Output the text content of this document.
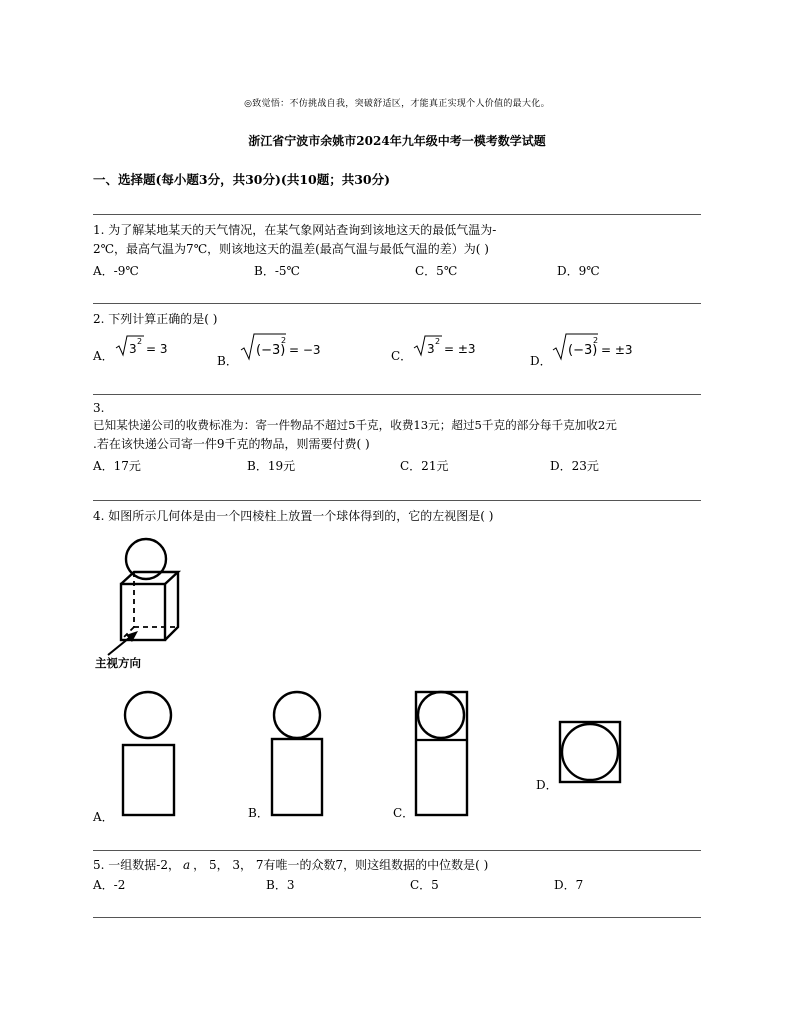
◎致觉悟：不仿挑战自我，突破舒适区，才能真正实现个人价值的最大化。
浙江省宁波市余姚市2024年九年级中考一模考数学试题
一、选择题(每小题3分，共30分)(共10题；共30分)
1. 为了解某地某天的天气情况，在某气象网站查询到该地这天的最低气温为-
2℃，最高气温为7℃，则该地这天的温差(最高气温与最低气温的差）为( )
A．-9℃	B．-5℃	C．5℃	D．9℃
2. 下列计算正确的是( )
A． 3
2
= 3
B．
(−3)
2
= −3	C． 3
2
= ±3
D．
(−3)
2
= ±3
3.
已知某快递公司的收费标准为：寄一件物品不超过5千克，收费13元；超过5千克的部分每千克加收2元
.若在该快递公司寄一件9千克的物品，则需要付费( )
A．17元	B．19元	C．21元	D．23元
4. 如图所示几何体是由一个四棱柱上放置一个球体得到的，它的左视图是( )
主视方向
A．	B．	C．
D．
5. 一组数据-2， a ， 5， 3， 7有唯一的众数7，则这组数据的中位数是( )
A．-2	B．3	C．5	D．7
